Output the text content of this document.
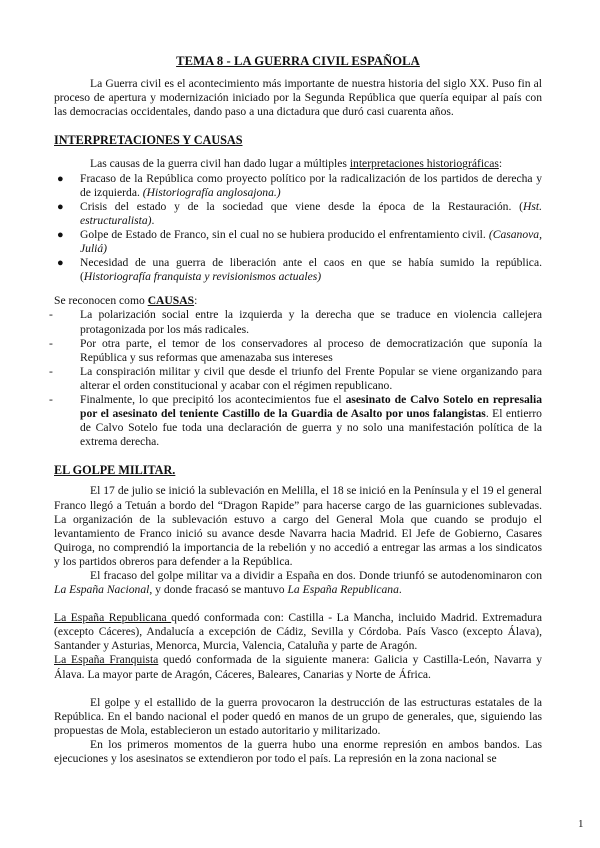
TEMA 8 - LA GUERRA CIVIL ESPAÑOLA

La Guerra civil es el acontecimiento más importante de nuestra historia del siglo XX. Puso fin al proceso de apertura y modernización iniciado por la Segunda República que quería equipar al país con las democracias occidentales, dando paso a una dictadura que duró casi cuarenta años.

INTERPRETACIONES Y CAUSAS

Las causas de la guerra civil han dado lugar a múltiples interpretaciones historiográficas:

● Fracaso de la República como proyecto político por la radicalización de los partidos de derecha y de izquierda. (Historiografía anglosajona.)
● Crisis del estado y de la sociedad que viene desde la época de la Restauración. (Hst. estructuralista).
● Golpe de Estado de Franco, sin el cual no se hubiera producido el enfrentamiento civil. (Casanova, Juliá)
● Necesidad de una guerra de liberación ante el caos en que se había sumido la república. (Historiografía franquista y revisionismos actuales)

Se reconocen como CAUSAS:

- La polarización social entre la izquierda y la derecha que se traduce en violencia callejera protagonizada por los más radicales.
- Por otra parte, el temor de los conservadores al proceso de democratización que suponía la República y sus reformas que amenazaba sus intereses
- La conspiración militar y civil que desde el triunfo del Frente Popular se viene organizando para alterar el orden constitucional y acabar con el régimen republicano.
- Finalmente, lo que precipitó los acontecimientos fue el asesinato de Calvo Sotelo en represalia por el asesinato del teniente Castillo de la Guardia de Asalto por unos falangistas. El entierro de Calvo Sotelo fue toda una declaración de guerra y no solo una manifestación política de la extrema derecha.
EL GOLPE MILITAR.

El 17 de julio se inició la sublevación en Melilla, el 18 se inició en la Península y el 19 el general Franco llegó a Tetuán a bordo del “Dragon Rapide” para hacerse cargo de las guarniciones sublevadas. La organización de la sublevación estuvo a cargo del General Mola que cuando se produjo el levantamiento de Franco inició su avance desde Navarra hacia Madrid. El Jefe de Gobierno, Casares Quiroga, no comprendió la importancia de la rebelión y no accedió a entregar las armas a los sindicatos y los partidos obreros para defender a la República.

El fracaso del golpe militar va a dividir a España en dos. Donde triunfó se autodenominaron con La España Nacional, y donde fracasó se mantuvo La España Republicana.

La España Republicana quedó conformada con: Castilla - La Mancha, incluido Madrid. Extremadura (excepto Cáceres), Andalucía a excepción de Cádiz, Sevilla y Córdoba. País Vasco (excepto Álava), Santander y Asturias, Menorca, Murcia, Valencia, Cataluña y parte de Aragón.

La España Franquista quedó conformada de la siguiente manera: Galicia y Castilla-León, Navarra y Álava. La mayor parte de Aragón, Cáceres, Baleares, Canarias y Norte de África.

El golpe y el estallido de la guerra provocaron la destrucción de las estructuras estatales de la República. En el bando nacional el poder quedó en manos de un grupo de generales, que, siguiendo las propuestas de Mola, establecieron un estado autoritario y militarizado.

En los primeros momentos de la guerra hubo una enorme represión en ambos bandos. Las ejecuciones y los asesinatos se extendieron por todo el país. La represión en la zona nacional se

1
